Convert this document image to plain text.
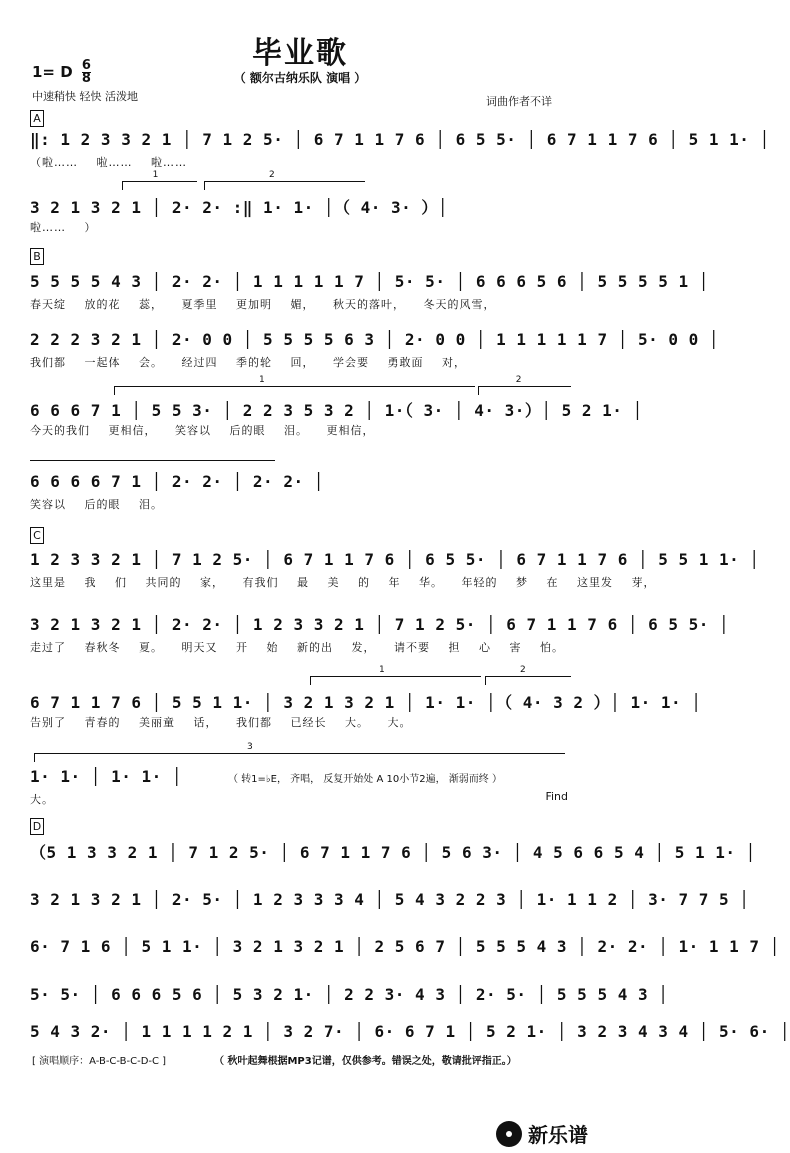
毕业歌
1= D $\frac{6}{8}$	（ 额尔古纳乐队 演唱 ）
中速稍快 轻快 活泼地	词曲作者不详
A
‖: 1 2 3 3 2 1 │ 7 1 2 5· │ 6 7 1 1 7 6 │ 6 5 5· │ 6 7 1 1 7 6 │ 5 1 1· │
（啦…… 啦…… 啦……
1	2
3 2 1 3 2 1 │ 2· 2· :‖ 1· 1· │（ 4· 3· ）│
啦…… ）
B
5 5 5 5 4 3 │ 2· 2· │ 1 1 1 1 1 7 │ 5· 5· │ 6 6 6 5 6 │ 5 5 5 5 1 │
春天绽 放的花 蕊， 夏季里 更加明 媚， 秋天的落叶， 冬天的风雪，
2 2 2 3 2 1 │ 2· 0 0 │ 5 5 5 5 6 3 │ 2· 0 0 │ 1 1 1 1 1 7 │ 5· 0 0 │
我们都 一起体 会。 经过四 季的轮 回， 学会要 勇敢面 对，
1	2
6 6 6 7 1 │ 5 5 3· │ 2 2 3 5 3 2 │ 1·（ 3· │ 4· 3·）│ 5 2 1· │
今天的我们 更相信， 笑容以 后的眼 泪。 更相信，
6 6 6 6 7 1 │ 2· 2· │ 2· 2· │
笑容以 后的眼 泪。
C
1 2 3 3 2 1 │ 7 1 2 5· │ 6 7 1 1 7 6 │ 6 5 5· │ 6 7 1 1 7 6 │ 5 5 1 1· │
这里是 我 们 共同的 家， 有我们 最 美 的 年 华。 年轻的 梦 在 这里发 芽，
3 2 1 3 2 1 │ 2· 2· │ 1 2 3 3 2 1 │ 7 1 2 5· │ 6 7 1 1 7 6 │ 6 5 5· │
走过了 春秋冬 夏。 明天又 开 始 新的出 发， 请不要 担 心 害 怕。
1	2
6 7 1 1 7 6 │ 5 5 1 1· │ 3 2 1 3 2 1 │ 1· 1· │（ 4· 3 2 ）│ 1· 1· │
告别了 青春的 美丽童 话， 我们都 已经长 大。 大。
3
1· 1· │ 1· 1· │	（ 转1=♭E， 齐唱， 反复开始处 A 10小节2遍， 渐弱而终 ）
大。	Find
D
（5 1 3 3 2 1 │ 7 1 2 5· │ 6 7 1 1 7 6 │ 5 6 3· │ 4 5 6 6 5 4 │ 5 1 1· │
3 2 1 3 2 1 │ 2· 5· │ 1 2 3 3 3 4 │ 5 4 3 2 2 3 │ 1· 1 1 2 │ 3· 7 7 5 │
6· 7 1 6 │ 5 1 1· │ 3 2 1 3 2 1 │ 2 5 6 7 │ 5 5 5 4 3 │ 2· 2· │ 1· 1 1 7 │
5· 5· │ 6 6 6 5 6 │ 5 3 2 1· │ 2 2 3· 4 3 │ 2· 5· │ 5 5 5 4 3 │
5 4 3 2· │ 1 1 1 1 2 1 │ 3 2 7· │ 6· 6 7 1 │ 5 2 1· │ 3 2 3 4 3 4 │ 5· 6· │
[ 演唱顺序：A-B-C-B-C-D-C ]	（ 秋叶起舞根据MP3记谱，仅供参考。错误之处，敬请批评指正。）
新乐谱
